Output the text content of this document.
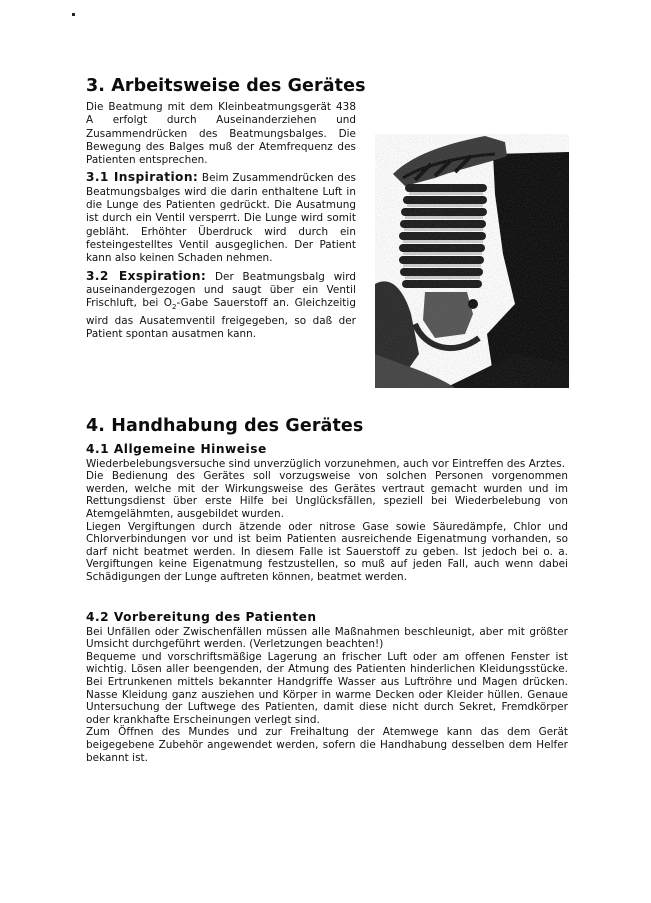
3. Arbeitsweise des Gerätes

Die Beatmung mit dem Kleinbeatmungsgerät 438 A erfolgt durch Auseinanderziehen und Zusammendrücken des Beatmungsbalges. Die Bewegung des Balges muß der Atemfrequenz des Patienten entsprechen.

3.1 Inspiration: Beim Zusammendrücken des Beatmungsbalges wird die darin enthaltene Luft in die Lunge des Patienten gedrückt. Die Ausatmung ist durch ein Ventil versperrt. Die Lunge wird somit gebläht. Erhöhter Überdruck wird durch ein festeingestelltes Ventil ausgeglichen. Der Patient kann also keinen Schaden nehmen.

3.2 Exspiration: Der Beatmungsbalg wird auseinandergezogen und saugt über ein Ventil Frischluft, bei $O_2$-Gabe Sauerstoff an. Gleichzeitig wird das Ausatemventil freigegeben, so daß der Patient spontan ausatmen kann.

4. Handhabung des Gerätes
4.1 Allgemeine Hinweise

Wiederbelebungsversuche sind unverzüglich vorzunehmen, auch vor Eintreffen des Arztes.

Die Bedienung des Gerätes soll vorzugsweise von solchen Personen vorgenommen werden, welche mit der Wirkungsweise des Gerätes vertraut gemacht wurden und im Rettungsdienst über erste Hilfe bei Unglücksfällen, speziell bei Wiederbelebung von Atemgelähmten, ausgebildet wurden.

Liegen Vergiftungen durch ätzende oder nitrose Gase sowie Säuredämpfe, Chlor und Chlorverbindungen vor und ist beim Patienten ausreichende Eigenatmung vorhanden, so darf nicht beatmet werden. In diesem Falle ist Sauerstoff zu geben. Ist jedoch bei o. a. Vergiftungen keine Eigenatmung festzustellen, so muß auf jeden Fall, auch wenn dabei Schädigungen der Lunge auftreten können, beatmet werden.

4.2 Vorbereitung des Patienten

Bei Unfällen oder Zwischenfällen müssen alle Maßnahmen beschleunigt, aber mit größter Umsicht durchgeführt werden. (Verletzungen beachten!)

Bequeme und vorschriftsmäßige Lagerung an frischer Luft oder am offenen Fenster ist wichtig. Lösen aller beengenden, der Atmung des Patienten hinderlichen Kleidungsstücke. Bei Ertrunkenen mittels bekannter Handgriffe Wasser aus Luftröhre und Magen drücken. Nasse Kleidung ganz ausziehen und Körper in warme Decken oder Kleider hüllen. Genaue Untersuchung der Luftwege des Patienten, damit diese nicht durch Sekret, Fremdkörper oder krankhafte Erscheinungen verlegt sind.

Zum Öffnen des Mundes und zur Freihaltung der Atemwege kann das dem Gerät beigegebene Zubehör angewendet werden, sofern die Handhabung desselben dem Helfer bekannt ist.
